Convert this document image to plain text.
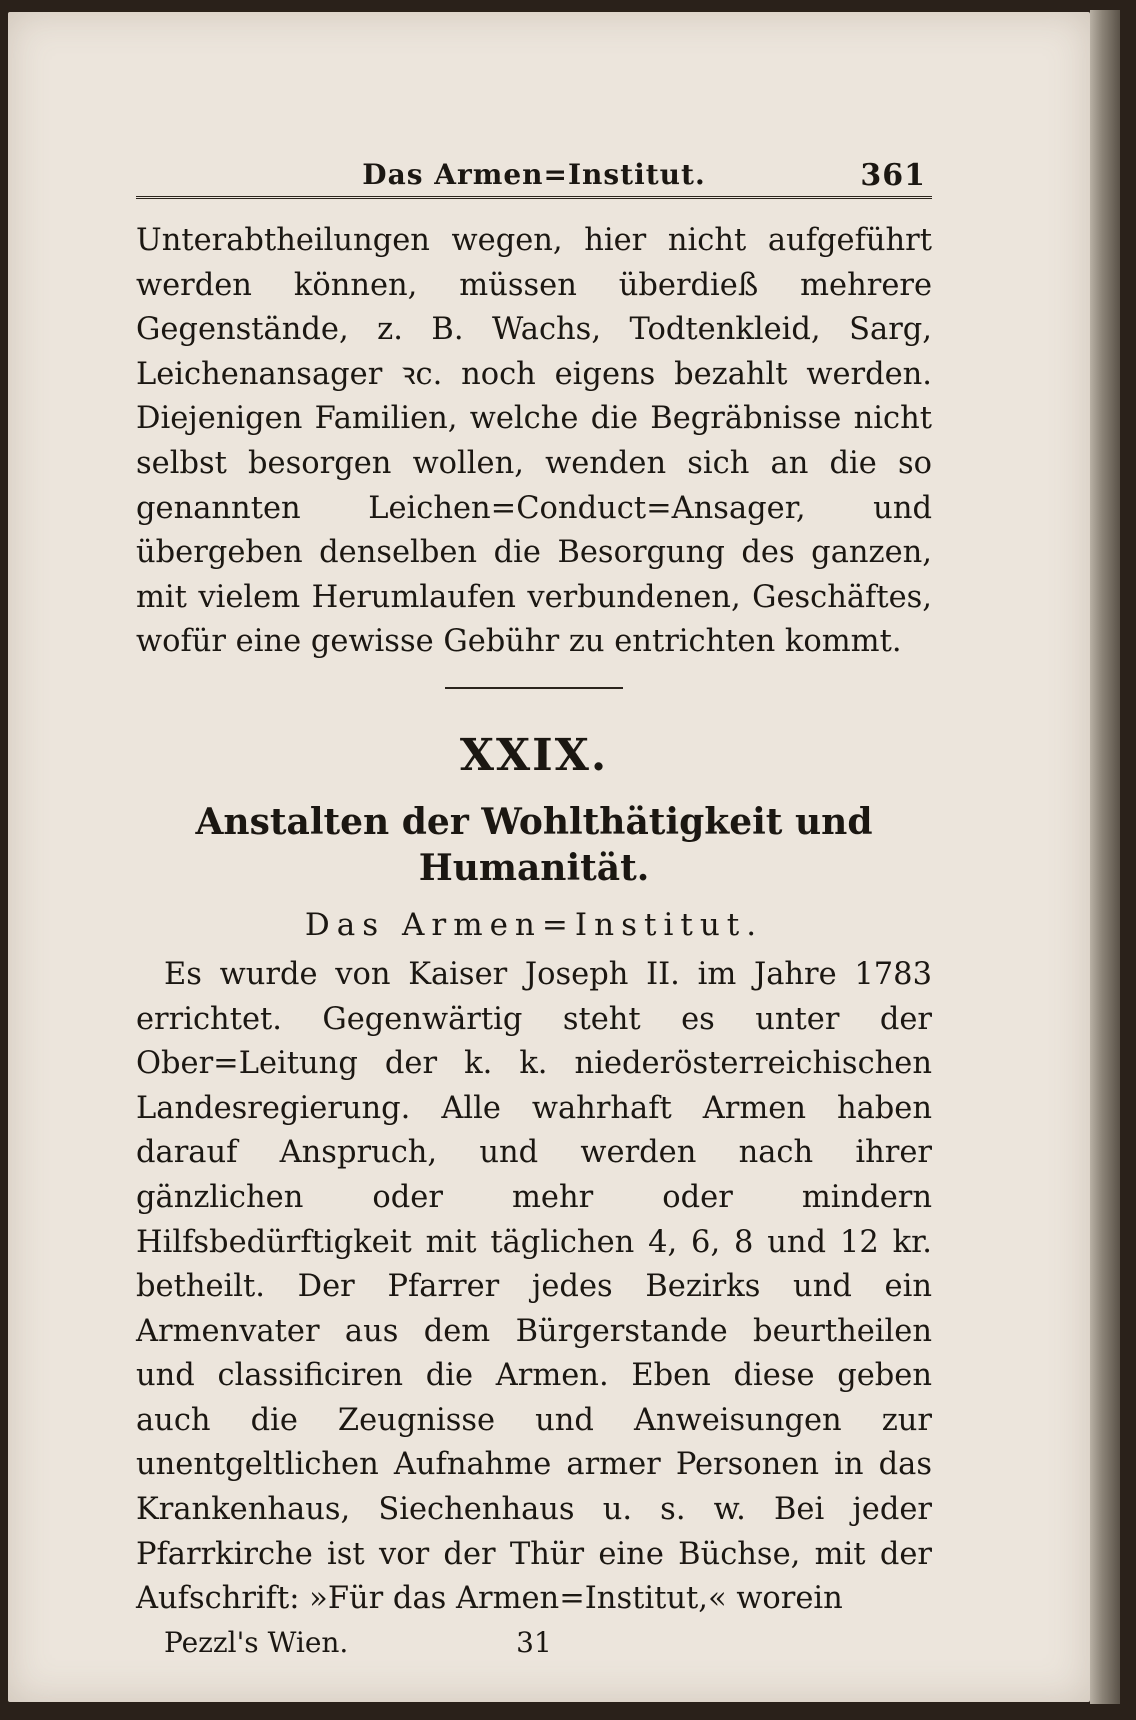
Das Armen=Institut.	361

Unterabtheilungen wegen, hier nicht aufgeführt werden können, müssen überdieß mehrere Gegenstände, z. B. Wachs, Todtenkleid, Sarg, Leichenansager ꝛc. noch eigens bezahlt werden. Diejenigen Familien, welche die Begräbnisse nicht selbst besorgen wollen, wenden sich an die so genannten Leichen=Conduct=Ansager, und übergeben denselben die Besorgung des ganzen, mit vielem Herumlaufen verbundenen, Geschäftes, wofür eine gewisse Gebühr zu entrichten kommt.

XXIX.
Anstalten der Wohlthätigkeit und Humanität.
Das Armen=Institut.

Es wurde von Kaiser Joseph II. im Jahre 1783 errichtet. Gegenwärtig steht es unter der Ober=Leitung der k. k. niederösterreichischen Landesregierung. Alle wahrhaft Armen haben darauf Anspruch, und werden nach ihrer gänzlichen oder mehr oder mindern Hilfsbedürftigkeit mit täglichen 4, 6, 8 und 12 kr. betheilt. Der Pfarrer jedes Bezirks und ein Armenvater aus dem Bürgerstande beurtheilen und classificiren die Armen. Eben diese geben auch die Zeugnisse und Anweisungen zur unentgeltlichen Aufnahme armer Personen in das Krankenhaus, Siechenhaus u. s. w. Bei jeder Pfarrkirche ist vor der Thür eine Büchse, mit der Aufschrift: »Für das Armen=Institut,« worein

Pezzl's Wien.	31
